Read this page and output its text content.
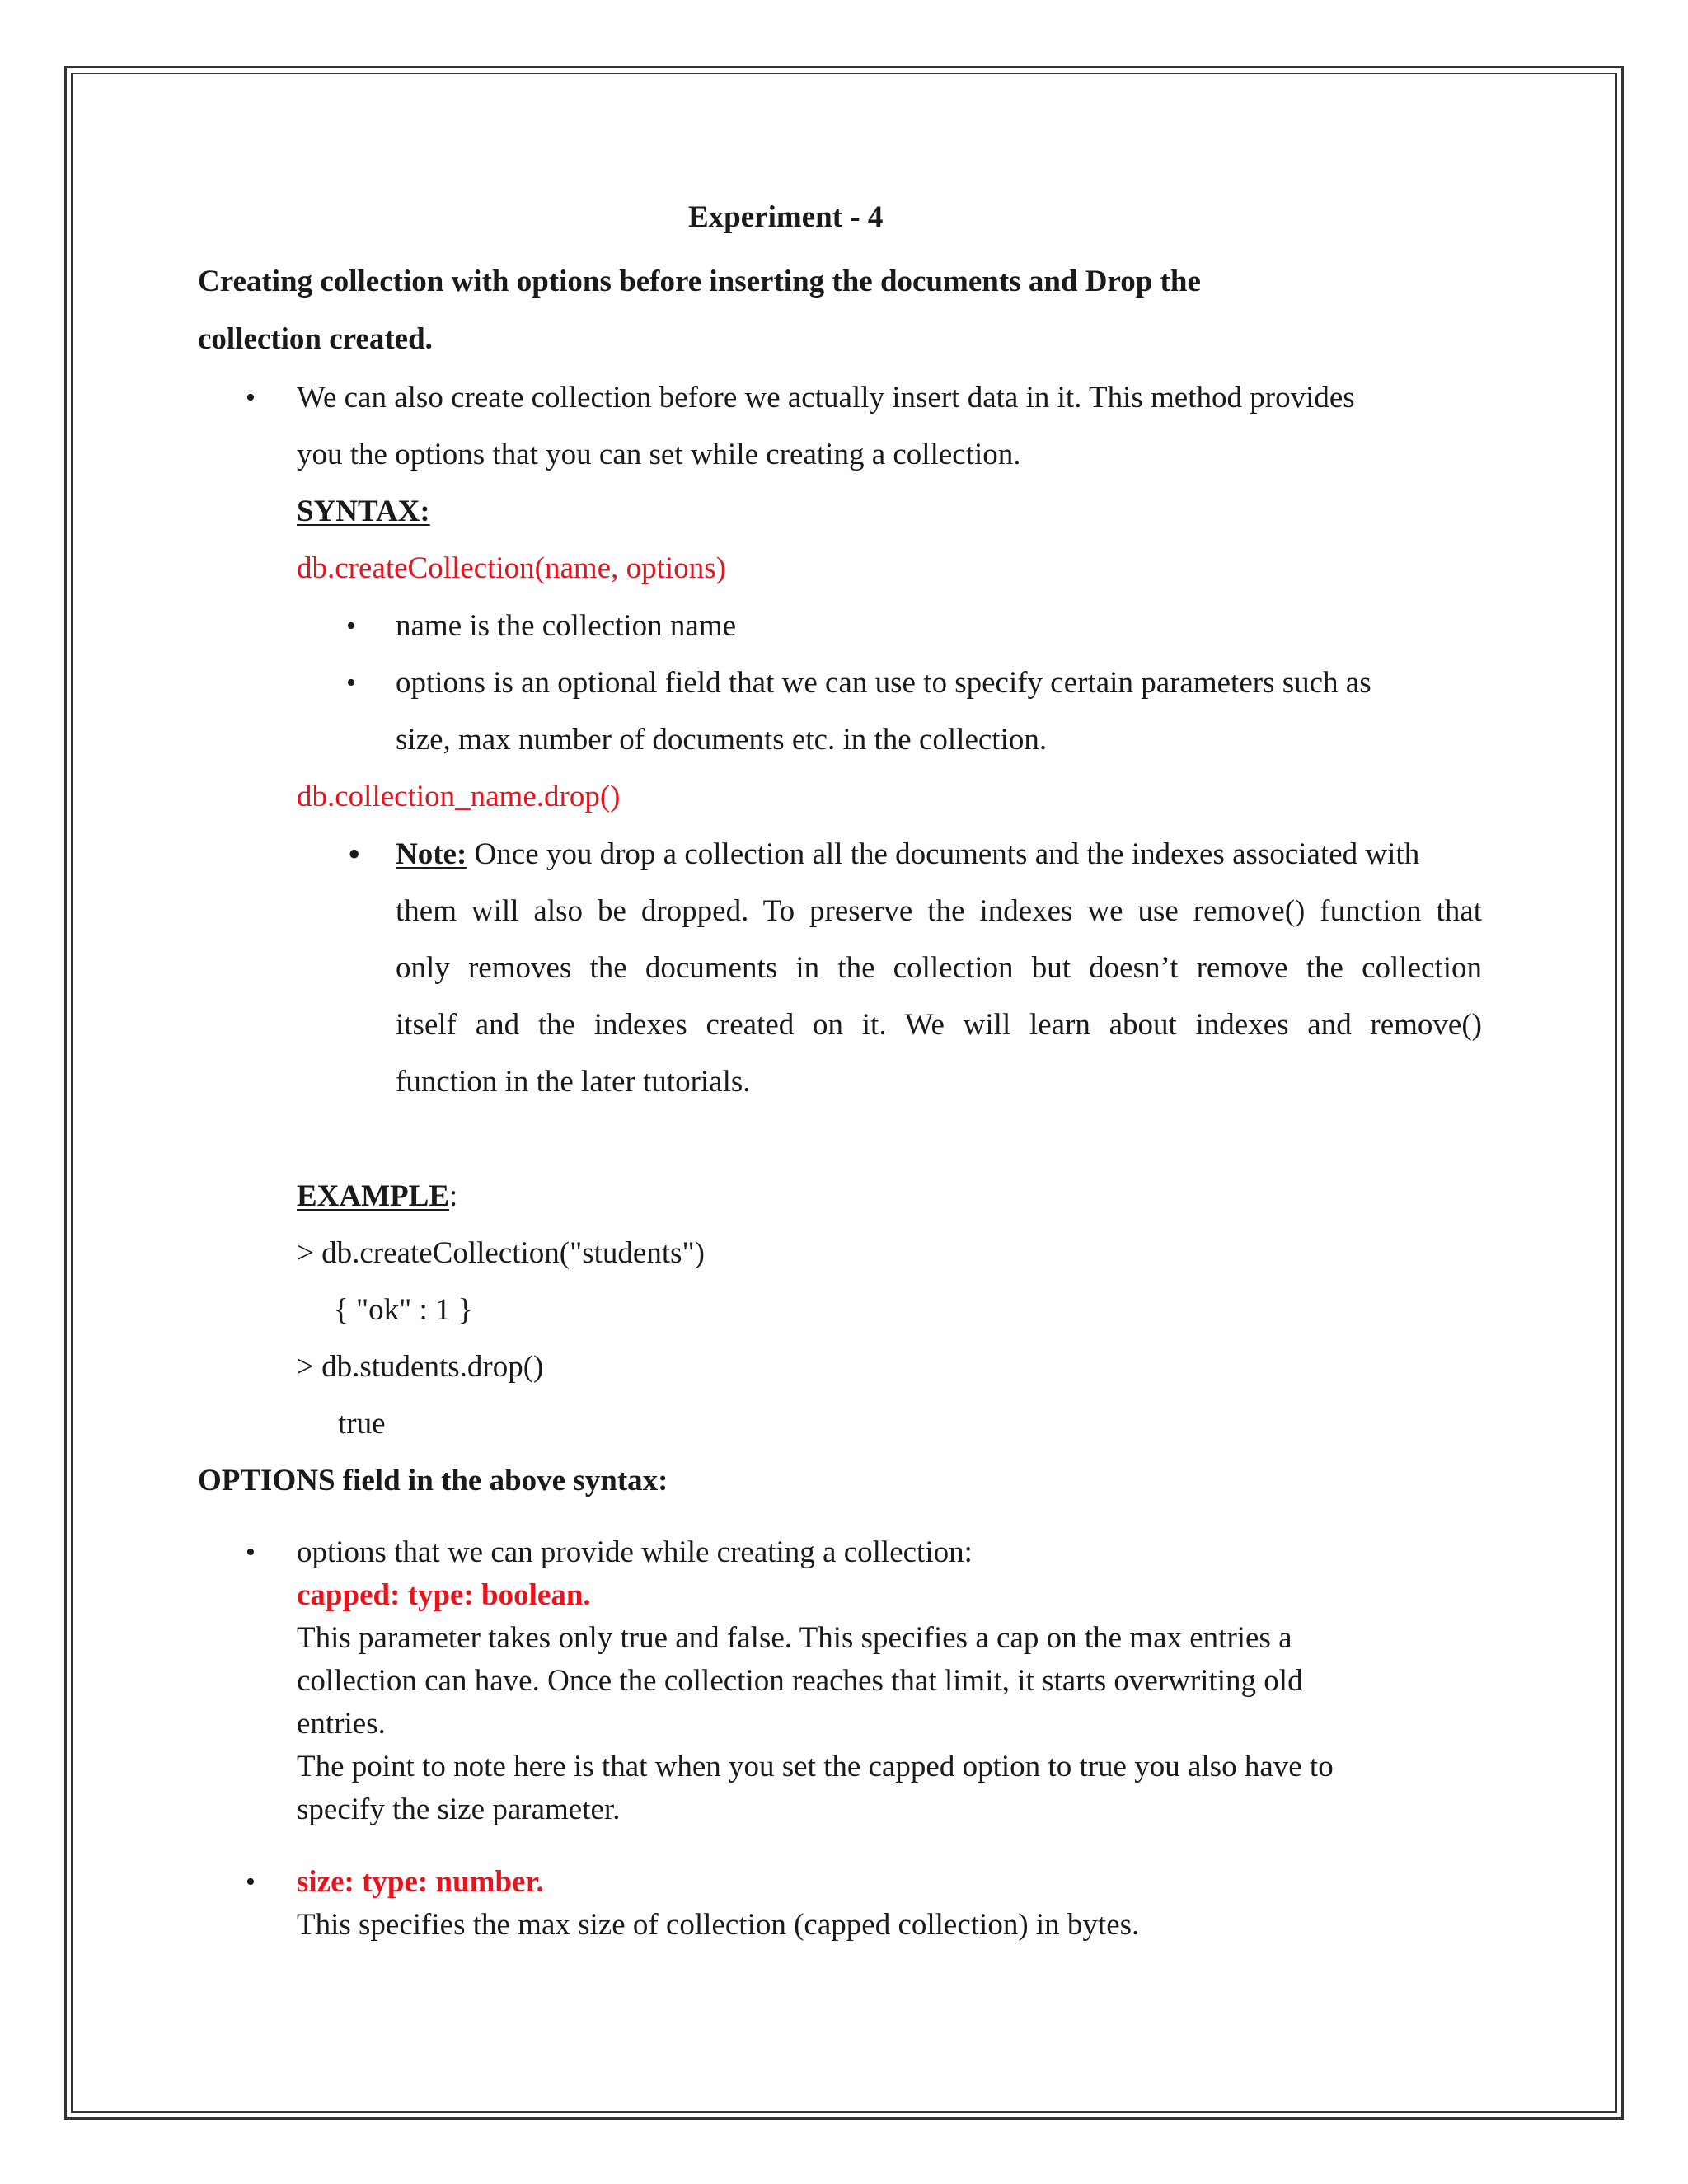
Experiment - 4
Creating collection with options before inserting the documents and Drop the
collection created.
• We can also create collection before we actually insert data in it. This method provides
you the options that you can set while creating a collection.
SYNTAX:
db.createCollection(name, options)
• name is the collection name
• options is an optional field that we can use to specify certain parameters such as
size, max number of documents etc. in the collection.
db.collection_name.drop()
• Note: Once you drop a collection all the documents and the indexes associated with
them will also be dropped. To preserve the indexes we use remove() function that
only removes the documents in the collection but doesn’t remove the collection
itself and the indexes created on it. We will learn about indexes and remove()
function in the later tutorials.
EXAMPLE:
> db.createCollection("students")
{ "ok" : 1 }
> db.students.drop()
true
OPTIONS field in the above syntax:
• options that we can provide while creating a collection:
capped: type: boolean.
This parameter takes only true and false. This specifies a cap on the max entries a
collection can have. Once the collection reaches that limit, it starts overwriting old
entries.
The point to note here is that when you set the capped option to true you also have to
specify the size parameter.
• size: type: number.
This specifies the max size of collection (capped collection) in bytes.
